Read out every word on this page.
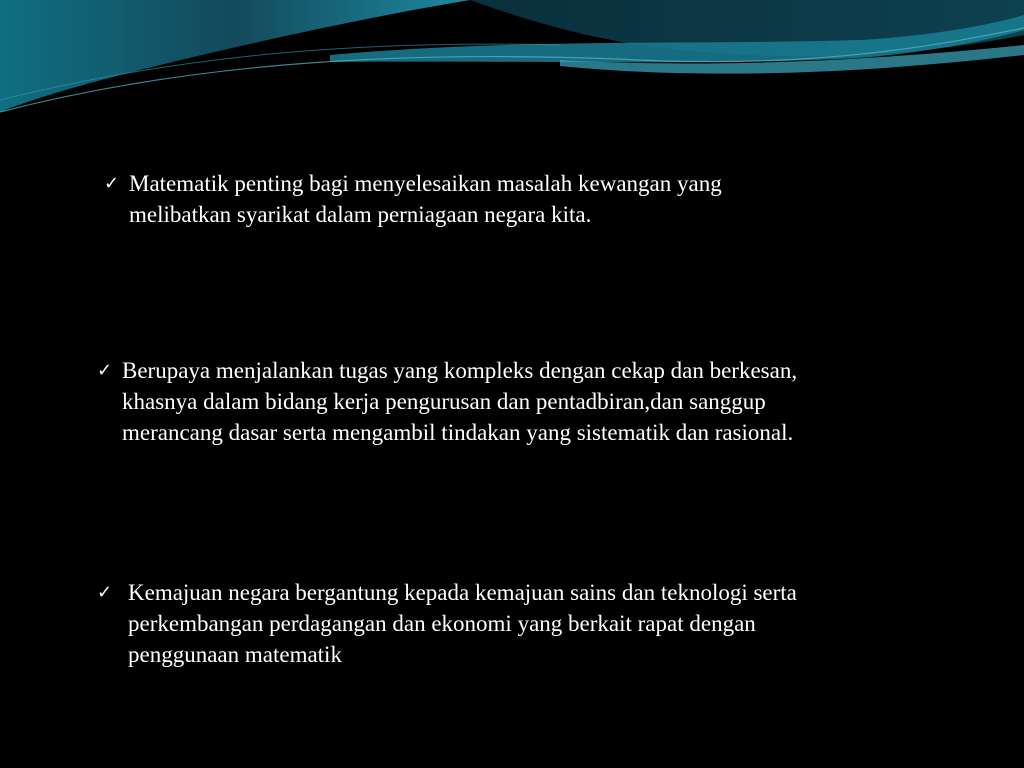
✓ Matematik penting bagi menyelesaikan masalah kewangan yang
melibatkan syarikat dalam perniagaan negara kita.
✓ Berupaya menjalankan tugas yang kompleks dengan cekap dan berkesan,
khasnya dalam bidang kerja pengurusan dan pentadbiran,dan sanggup
merancang dasar serta mengambil tindakan yang sistematik dan rasional.
✓ Kemajuan negara bergantung kepada kemajuan sains dan teknologi serta
perkembangan perdagangan dan ekonomi yang berkait rapat dengan
penggunaan matematik
